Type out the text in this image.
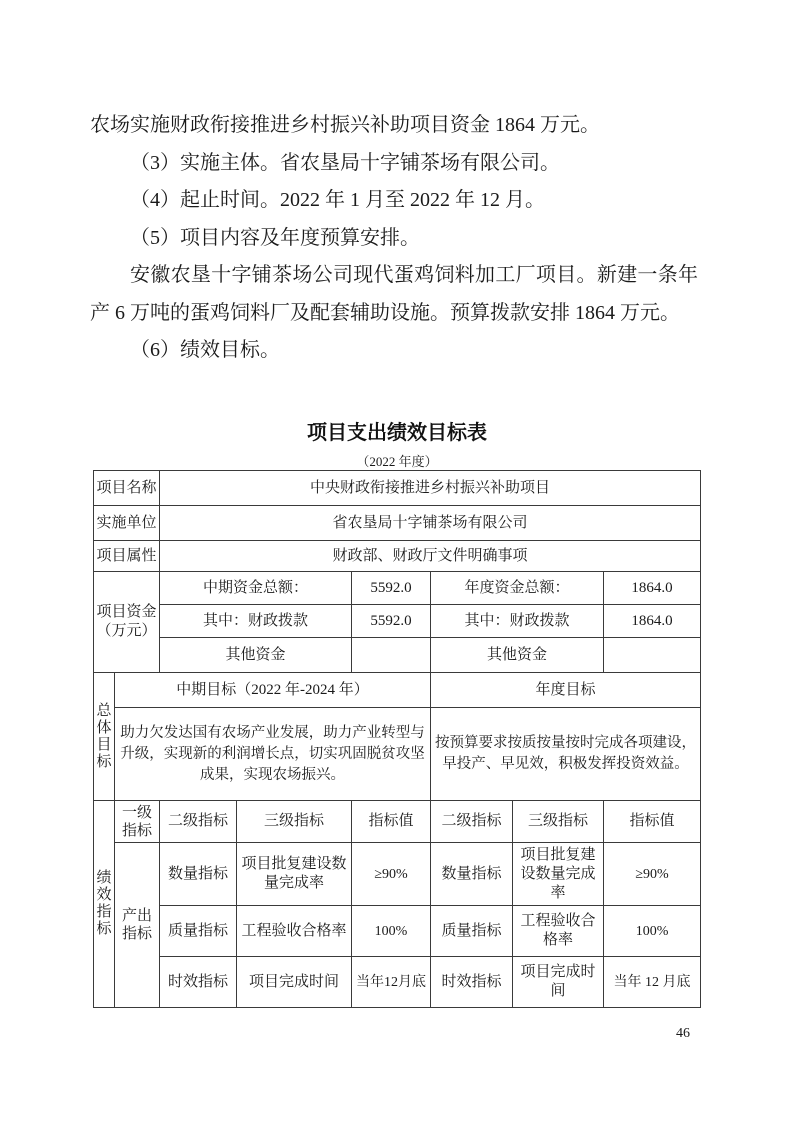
农场实施财政衔接推进乡村振兴补助项目资金 1864 万元。

（3）实施主体。省农垦局十字铺茶场有限公司。

（4）起止时间。2022 年 1 月至 2022 年 12 月。

（5）项目内容及年度预算安排。

安徽农垦十字铺茶场公司现代蛋鸡饲料加工厂项目。新建一条年产 6 万吨的蛋鸡饲料厂及配套辅助设施。预算拨款安排 1864 万元。

（6）绩效目标。

项目支出绩效目标表
（2022 年度）
项目名称		中央财政衔接推进乡村振兴补助项目					
实施单位		省农垦局十字铺茶场有限公司					
项目属性		财政部、财政厅文件明确事项					
项目资金（万元）		中期资金总额：		5592.0	年度资金总额：		1864.0
		其中：财政拨款		5592.0	其中：财政拨款		1864.0
		其他资金			其他资金		
总体目标	中期目标（2022 年-2024 年）				年度目标		
	助力欠发达国有农场产业发展，助力产业转型与升级，实现新的利润增长点，切实巩固脱贫攻坚成果，实现农场振兴。				按预算要求按质按量按时完成各项建设，早投产、早见效，积极发挥投资效益。		
绩效指标	一级指标	二级指标	三级指标	指标值	二级指标	三级指标	指标值
	产出指标	数量指标	项目批复建设数量完成率	≥90%	数量指标	项目批复建设数量完成率	≥90%
		质量指标	工程验收合格率	100%	质量指标	工程验收合格率	100%
		时效指标	项目完成时间	当年12月底	时效指标	项目完成时间	当年 12 月底
46
